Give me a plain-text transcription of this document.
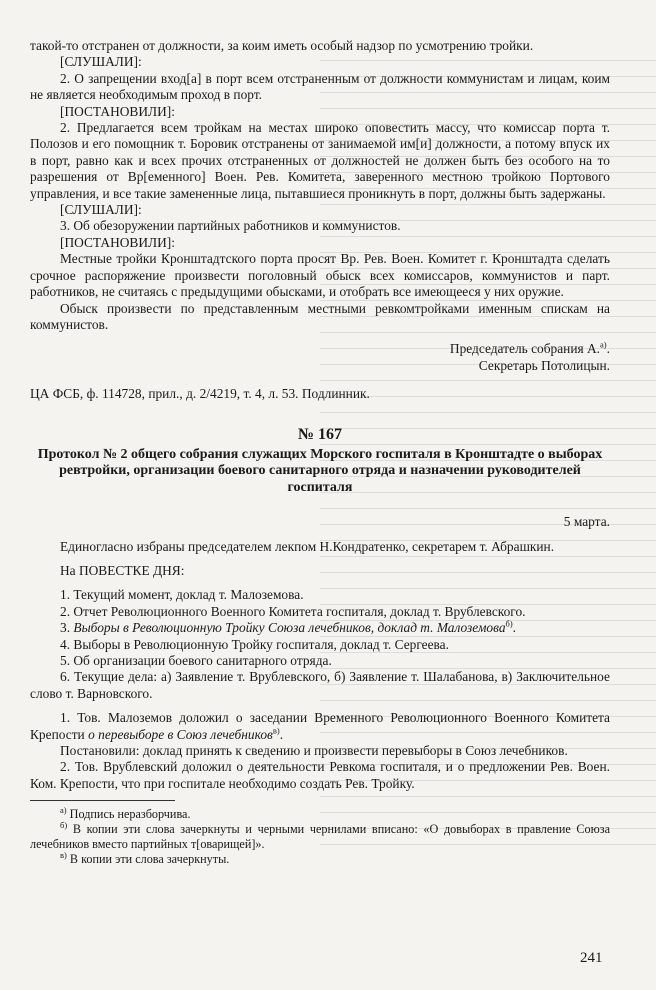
такой-то отстранен от должности, за коим иметь особый надзор по усмотрению тройки.

[СЛУШАЛИ]:

2. О запрещении вход[а] в порт всем отстраненным от должности коммунистам и лицам, коим не является необходимым проход в порт.

[ПОСТАНОВИЛИ]:

2. Предлагается всем тройкам на местах широко оповестить массу, что комиссар порта т. Полозов и его помощник т. Боровик отстранены от занимаемой им[и] должности, а потому впуск их в порт, равно как и всех прочих отстраненных от должностей не должен быть без особого на то разрешения от Вр[еменного] Воен. Рев. Комитета, заверенного местною тройкою Портового управления, и все такие замененные лица, пытавшиеся проникнуть в порт, должны быть задержаны.

[СЛУШАЛИ]:

3. Об обезоружении партийных работников и коммунистов.

[ПОСТАНОВИЛИ]:

Местные тройки Кронштадтского порта просят Вр. Рев. Воен. Комитет г. Кронштадта сделать срочное распоряжение произвести поголовный обыск всех комиссаров, коммунистов и парт. работников, не считаясь с предыдущими обысками, и отобрать все имеющееся у них оружие.

Обыск произвести по представленным местными ревкомтройками именным спискам на коммунистов.

Председатель собрания А.$^{а)}$.

Секретарь Потолицын.

ЦА ФСБ, ф. 114728, прил., д. 2/4219, т. 4, л. 53. Подлинник.

№ 167

Протокол № 2 общего собрания служащих Морского госпиталя в Кронштадте о выборах ревтройки, организации боевого санитарного отряда и назначении руководителей госпиталя

5 марта.

Единогласно избраны председателем лекпом Н.Кондратенко, секретарем т. Абрашкин.

На ПОВЕСТКЕ ДНЯ:

1. Текущий момент, доклад т. Малоземова.

2. Отчет Революционного Военного Комитета госпиталя, доклад т. Врублевского.

3. Выборы в Революционную Тройку Союза лечебников, доклад т. Малоземова$^{б)}$.

4. Выборы в Революционную Тройку госпиталя, доклад т. Сергеева.

5. Об организации боевого санитарного отряда.

6. Текущие дела: а) Заявление т. Врублевского, б) Заявление т. Шалабанова, в) Заключительное слово т. Варновского.

1. Тов. Малоземов доложил о заседании Временного Революционного Военного Комитета Крепости о перевыборе в Союз лечебников$^{в)}$.

Постановили: доклад принять к сведению и произвести перевыборы в Союз лечебников.

2. Тов. Врублевский доложил о деятельности Ревкома госпиталя, и о предложении Рев. Воен. Ком. Крепости, что при госпитале необходимо создать Рев. Тройку.

$^{а)}$ Подпись неразборчива.

$^{б)}$ В копии эти слова зачеркнуты и черными чернилами вписано: «О довыборах в правление Союза лечебников вместо партийных т[оварищей]».

$^{в)}$ В копии эти слова зачеркнуты.

241
